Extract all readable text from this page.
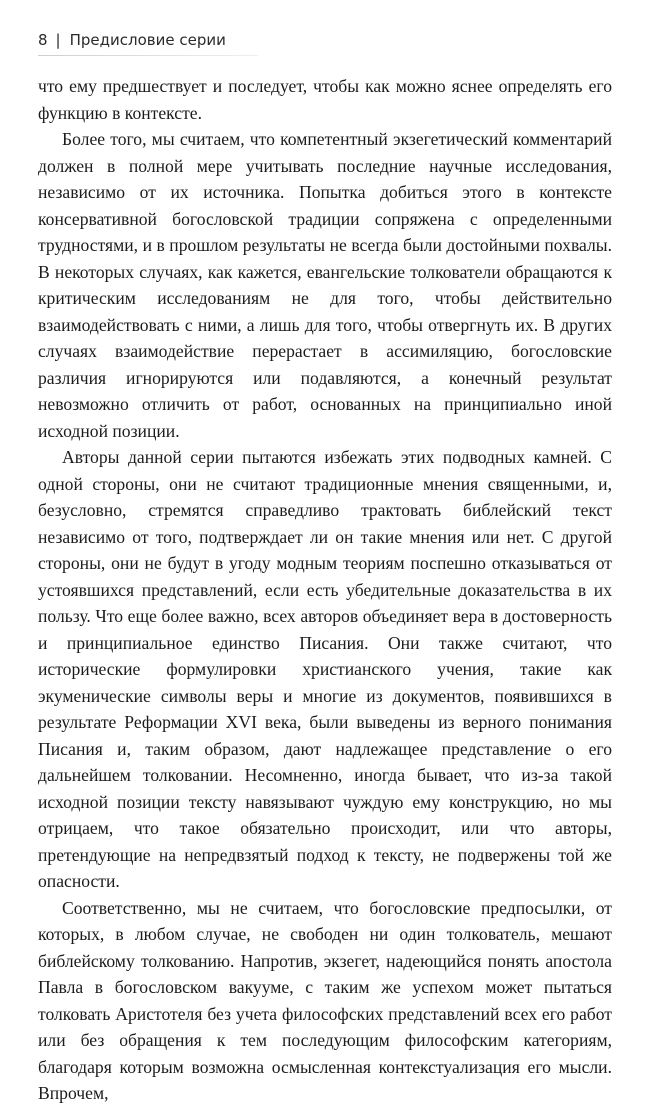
8 | Предисловие серии

что ему предшествует и последует, чтобы как можно яснее определять его функцию в контексте.

Более того, мы считаем, что компетентный экзегетический комментарий должен в полной мере учитывать последние научные исследования, независимо от их источника. Попытка добиться этого в контексте консервативной богословской традиции сопряжена с определенными трудностями, и в прошлом результаты не всегда были достойными похвалы. В некоторых случаях, как кажется, евангельские толкователи обращаются к критическим исследованиям не для того, чтобы действительно взаимодействовать с ними, а лишь для того, чтобы отвергнуть их. В других случаях взаимодействие перерастает в ассимиляцию, богословские различия игнорируются или подавляются, а конечный результат невозможно отличить от работ, основанных на принципиально иной исходной позиции.

Авторы данной серии пытаются избежать этих подводных камней. С одной стороны, они не считают традиционные мнения священными, и, безусловно, стремятся справедливо трактовать библейский текст независимо от того, подтверждает ли он такие мнения или нет. С другой стороны, они не будут в угоду модным теориям поспешно отказываться от устоявшихся представлений, если есть убедительные доказательства в их пользу. Что еще более важно, всех авторов объединяет вера в достоверность и принципиальное единство Писания. Они также считают, что исторические формулировки христианского учения, такие как экуменические символы веры и многие из документов, появившихся в результате Реформации XVI века, были выведены из верного понимания Писания и, таким образом, дают надлежащее представление о его дальнейшем толковании. Несомненно, иногда бывает, что из-за такой исходной позиции тексту навязывают чуждую ему конструкцию, но мы отрицаем, что такое обязательно происходит, или что авторы, претендующие на непредвзятый подход к тексту, не подвержены той же опасности.

Соответственно, мы не считаем, что богословские предпосылки, от которых, в любом случае, не свободен ни один толкователь, мешают библейскому толкованию. Напротив, экзегет, надеющийся понять апостола Павла в богословском вакууме, с таким же успехом может пытаться толковать Аристотеля без учета философских представлений всех его работ или без обращения к тем последующим философским категориям, благодаря которым возможна осмысленная контекстуализация его мысли. Впрочем,
